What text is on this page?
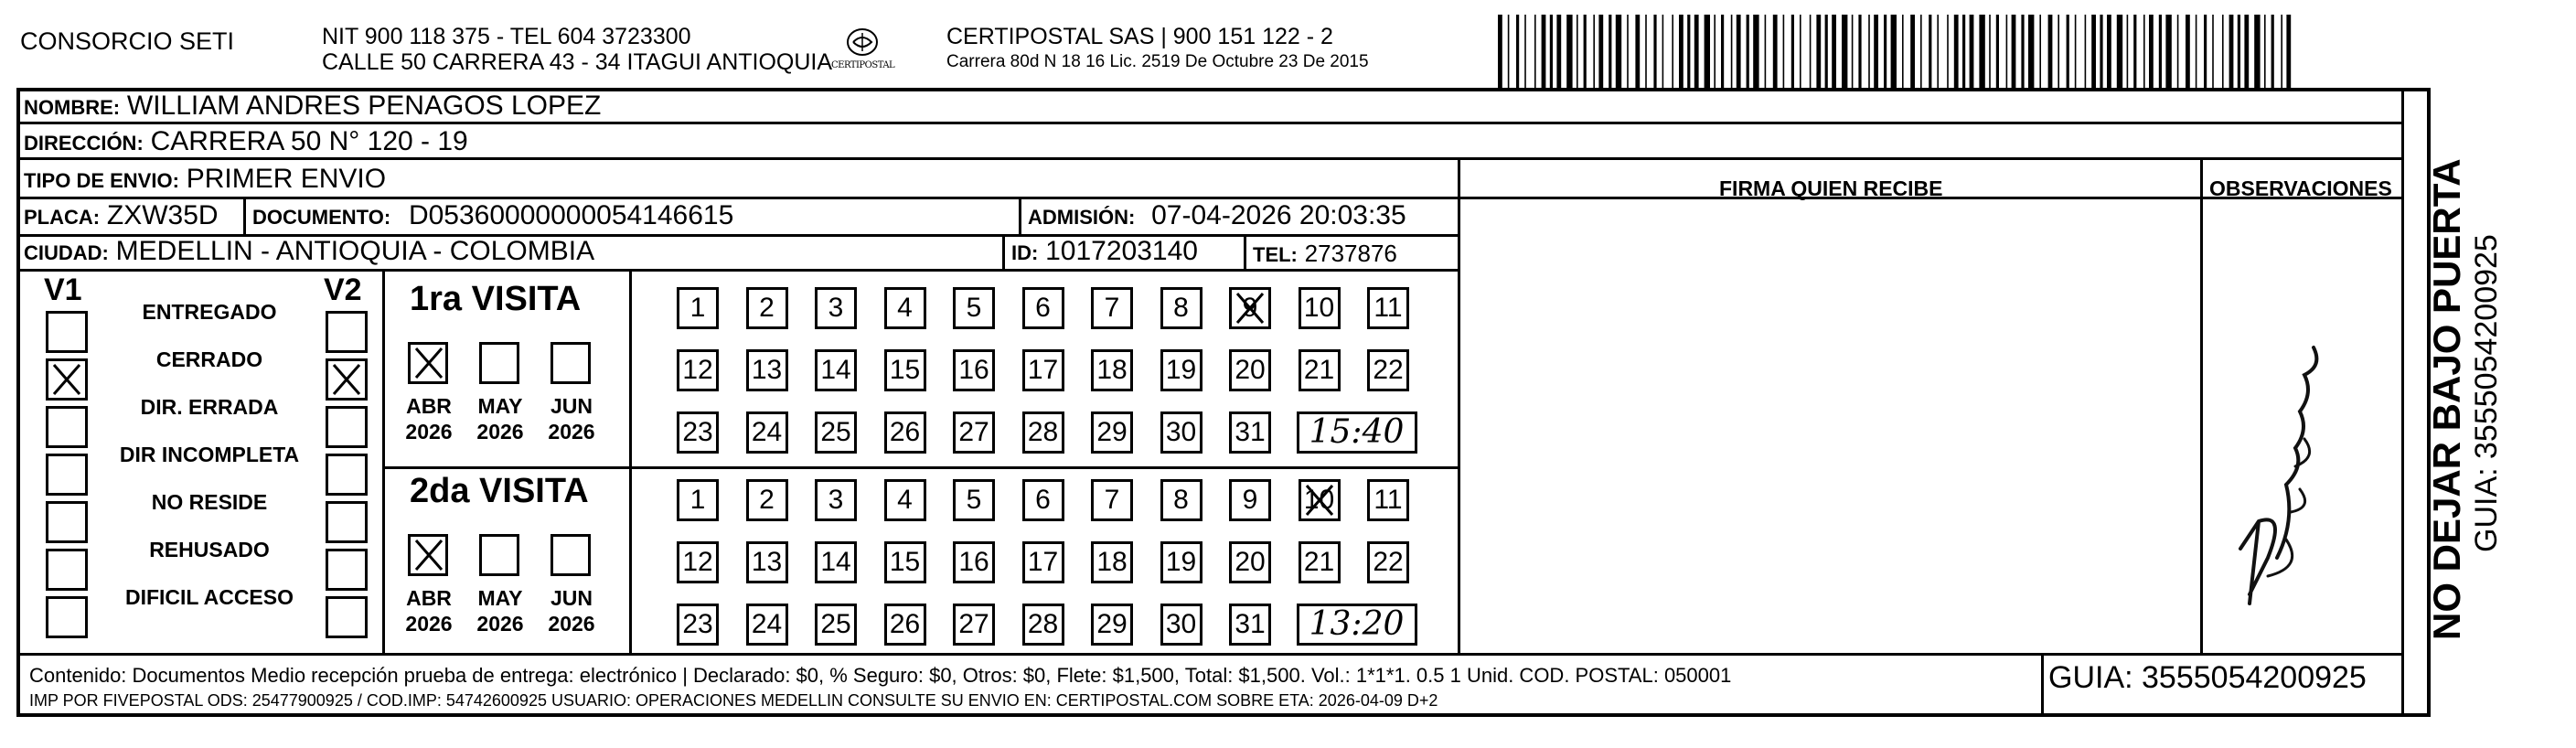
CONSORCIO SETI	NIT 900 118 375 - TEL 604 3723300
CALLE 50 CARRERA 43 - 34 ITAGUI ANTIOQUIA
CERTIPOSTAL
CERTIPOSTAL SAS | 900 151 122 - 2
Carrera 80d N 18 16 Lic. 2519 De Octubre 23 De 2015
NOMBRE: WILLIAM ANDRES PENAGOS LOPEZ
DIRECCIÓN: CARRERA 50 N° 120 - 19
TIPO DE ENVIO: PRIMER ENVIO	FIRMA QUIEN RECIBE	OBSERVACIONES
PLACA: ZXW35D DOCUMENTO: D05360000000054146615	ADMISIÓN: 07-04-2026 20:03:35
CIUDAD: MEDELLIN - ANTIOQUIA - COLOMBIA	ID: 1017203140	TEL: 2737876
V1	V2
ENTREGADO
CERRADO
DIR. ERRADA
DIR INCOMPLETA
NO RESIDE
REHUSADO
DIFICIL ACCESO
1ra VISITA
2da VISITA
ABR
2026
MAY
2026
JUN
2026
1	2	3	4	5	6	7	8	9	10 11
12 13 14 15 16 17 18 19 20 21 22
23 24 25 26 27 28 29 30 31	15:40
ABR
2026
MAY
2026
JUN
2026
1	2	3	4	5	6	7	8	9	10 11
12 13 14 15 16 17 18 19 20 21 22
23 24 25 26 27 28 29 30 31	13:20	NO DEJAR BAJO PUERTA GUIA: 3555054200925
Contenido: Documentos Medio recepción prueba de entrega: electrónico | Declarado: $0, % Seguro: $0, Otros: $0, Flete: $1,500, Total: $1,500. Vol.: 1*1*1. 0.5 1 Unid. COD. POSTAL: 050001
IMP POR FIVEPOSTAL ODS: 25477900925 / COD.IMP: 54742600925 USUARIO: OPERACIONES MEDELLIN CONSULTE SU ENVIO EN: CERTIPOSTAL.COM SOBRE ETA: 2026-04-09 D+2
GUIA: 3555054200925
